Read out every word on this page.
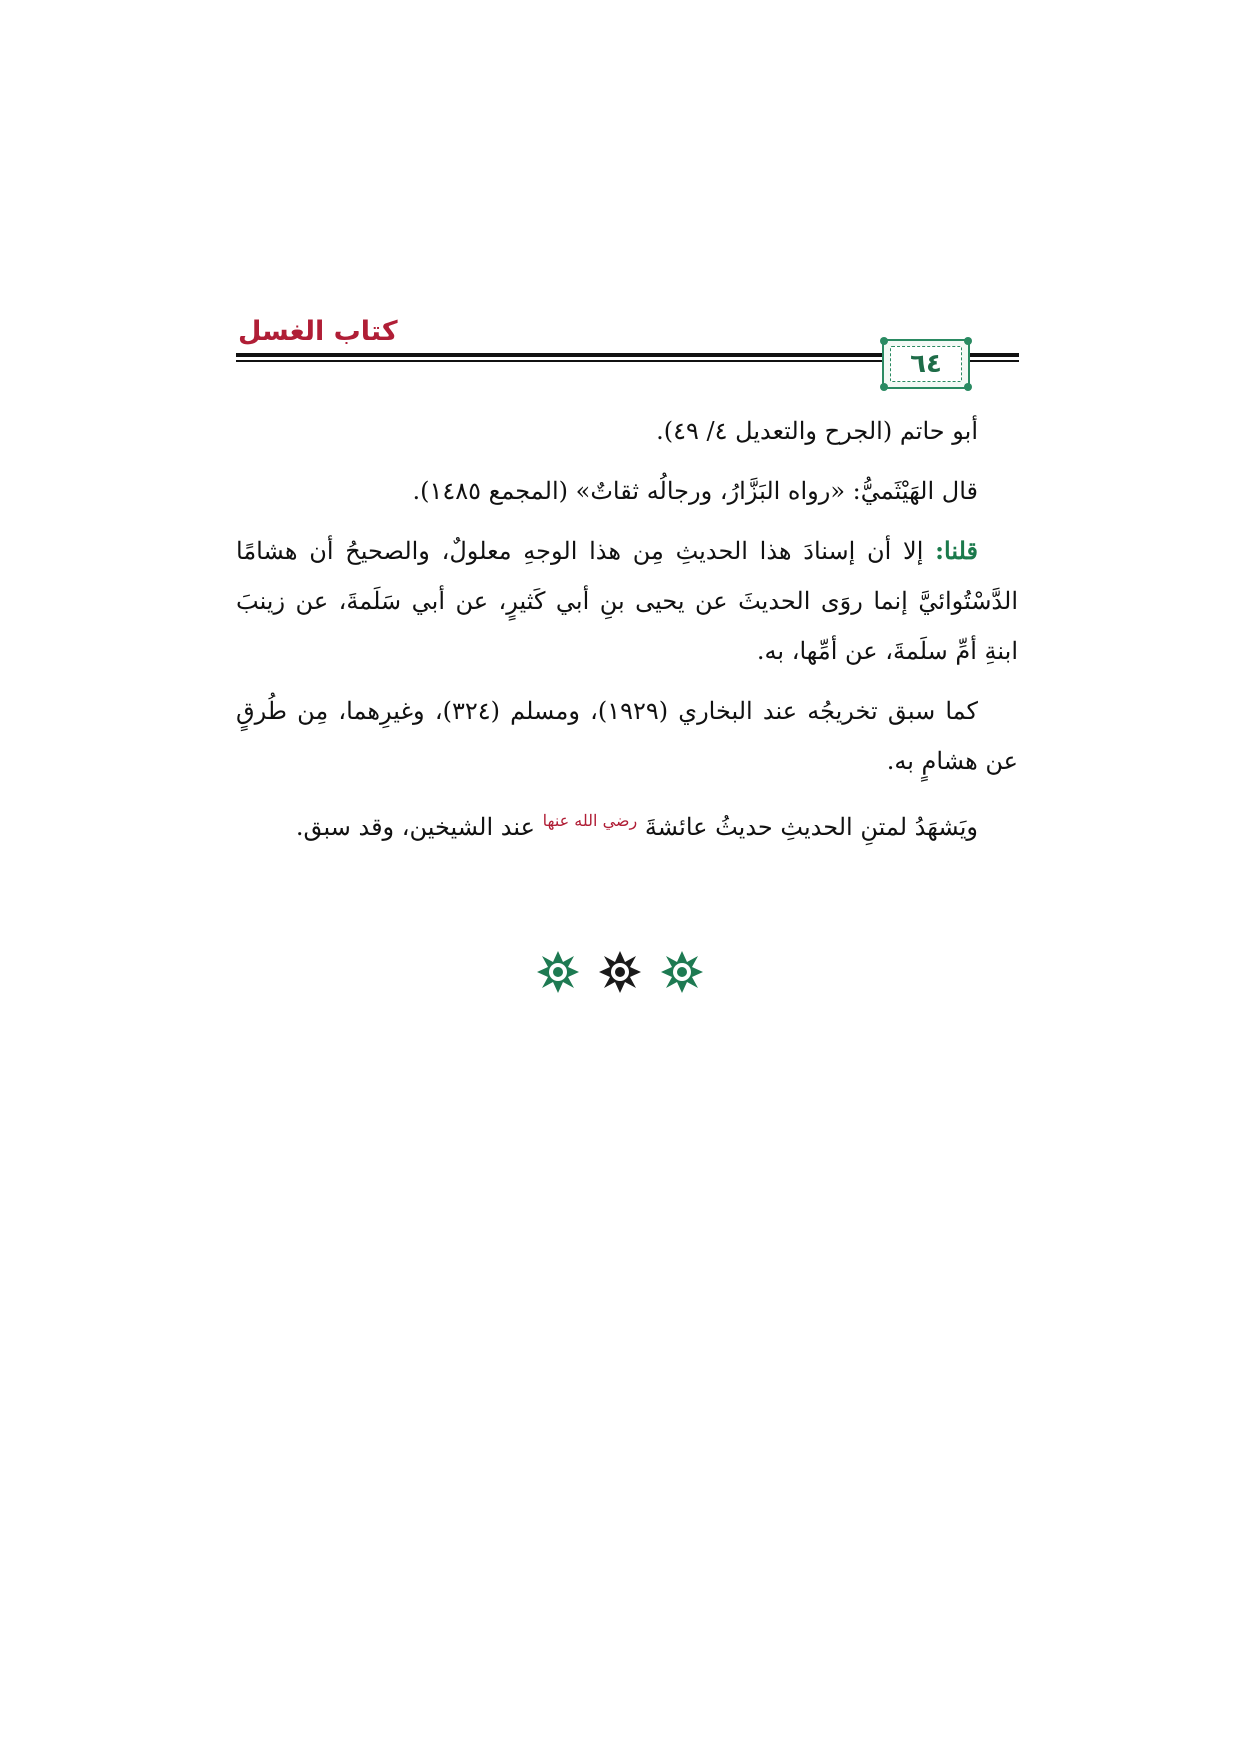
كتاب الغسل
٦٤

أبو حاتم (الجرح والتعديل ٤/ ٤٩).

قال الهَيْثَميُّ: «رواه البَزَّارُ، ورجالُه ثقاتٌ» (المجمع ١٤٨٥).

قلنا: إلا أن إسنادَ هذا الحديثِ مِن هذا الوجهِ معلولٌ، والصحيحُ أن هشامًا الدَّسْتُوائيَّ إنما روَى الحديثَ عن يحيى بنِ أبي كَثيرٍ، عن أبي سَلَمةَ، عن زينبَ ابنةِ أمِّ سلَمةَ، عن أمِّها، به.

كما سبق تخريجُه عند البخاري (١٩٢٩)، ومسلم (٣٢٤)، وغيرِهما، مِن طُرقٍ عن هشامٍ به.

ويَشهَدُ لمتنِ الحديثِ حديثُ عائشةَ $^{رضي الله عنها}$ عند الشيخين، وقد سبق.
